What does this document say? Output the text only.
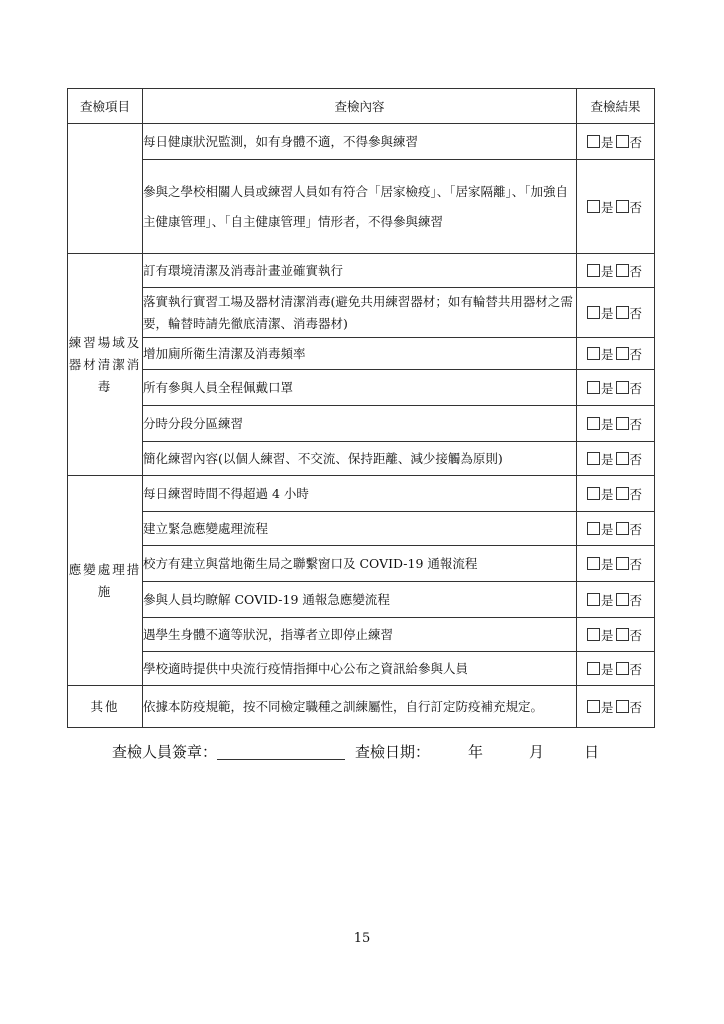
查檢項目	查檢內容	查檢結果
	每日健康狀況監測，如有身體不適，不得參與練習	是 否
	參與之學校相關人員或練習人員如有符合「居家檢疫」、「居家隔離」、「加強自主健康管理」、「自主健康管理」情形者，不得參與練習	是 否
練習場域及器材清潔消毒	訂有環境清潔及消毒計畫並確實執行	是 否
	落實執行實習工場及器材清潔消毒(避免共用練習器材；如有輪替共用器材之需要，輪替時請先徹底清潔、消毒器材)	是 否
	增加廁所衛生清潔及消毒頻率	是 否
	所有參與人員全程佩戴口罩	是 否
	分時分段分區練習	是 否
	簡化練習內容(以個人練習、不交流、保持距離、減少接觸為原則)	是 否
應變處理措施	每日練習時間不得超過 4 小時	是 否
	建立緊急應變處理流程	是 否
	校方有建立與當地衛生局之聯繫窗口及 COVID-19 通報流程	是 否
	參與人員均瞭解 COVID-19 通報急應變流程	是 否
	遇學生身體不適等狀況，指導者立即停止練習	是 否
	學校適時提供中央流行疫情指揮中心公布之資訊給參與人員	是 否
其他	依據本防疫規範，按不同檢定職種之訓練屬性，自行訂定防疫補充規定。	是 否
查檢人員簽章：	查檢日期：	年	月	日
15
